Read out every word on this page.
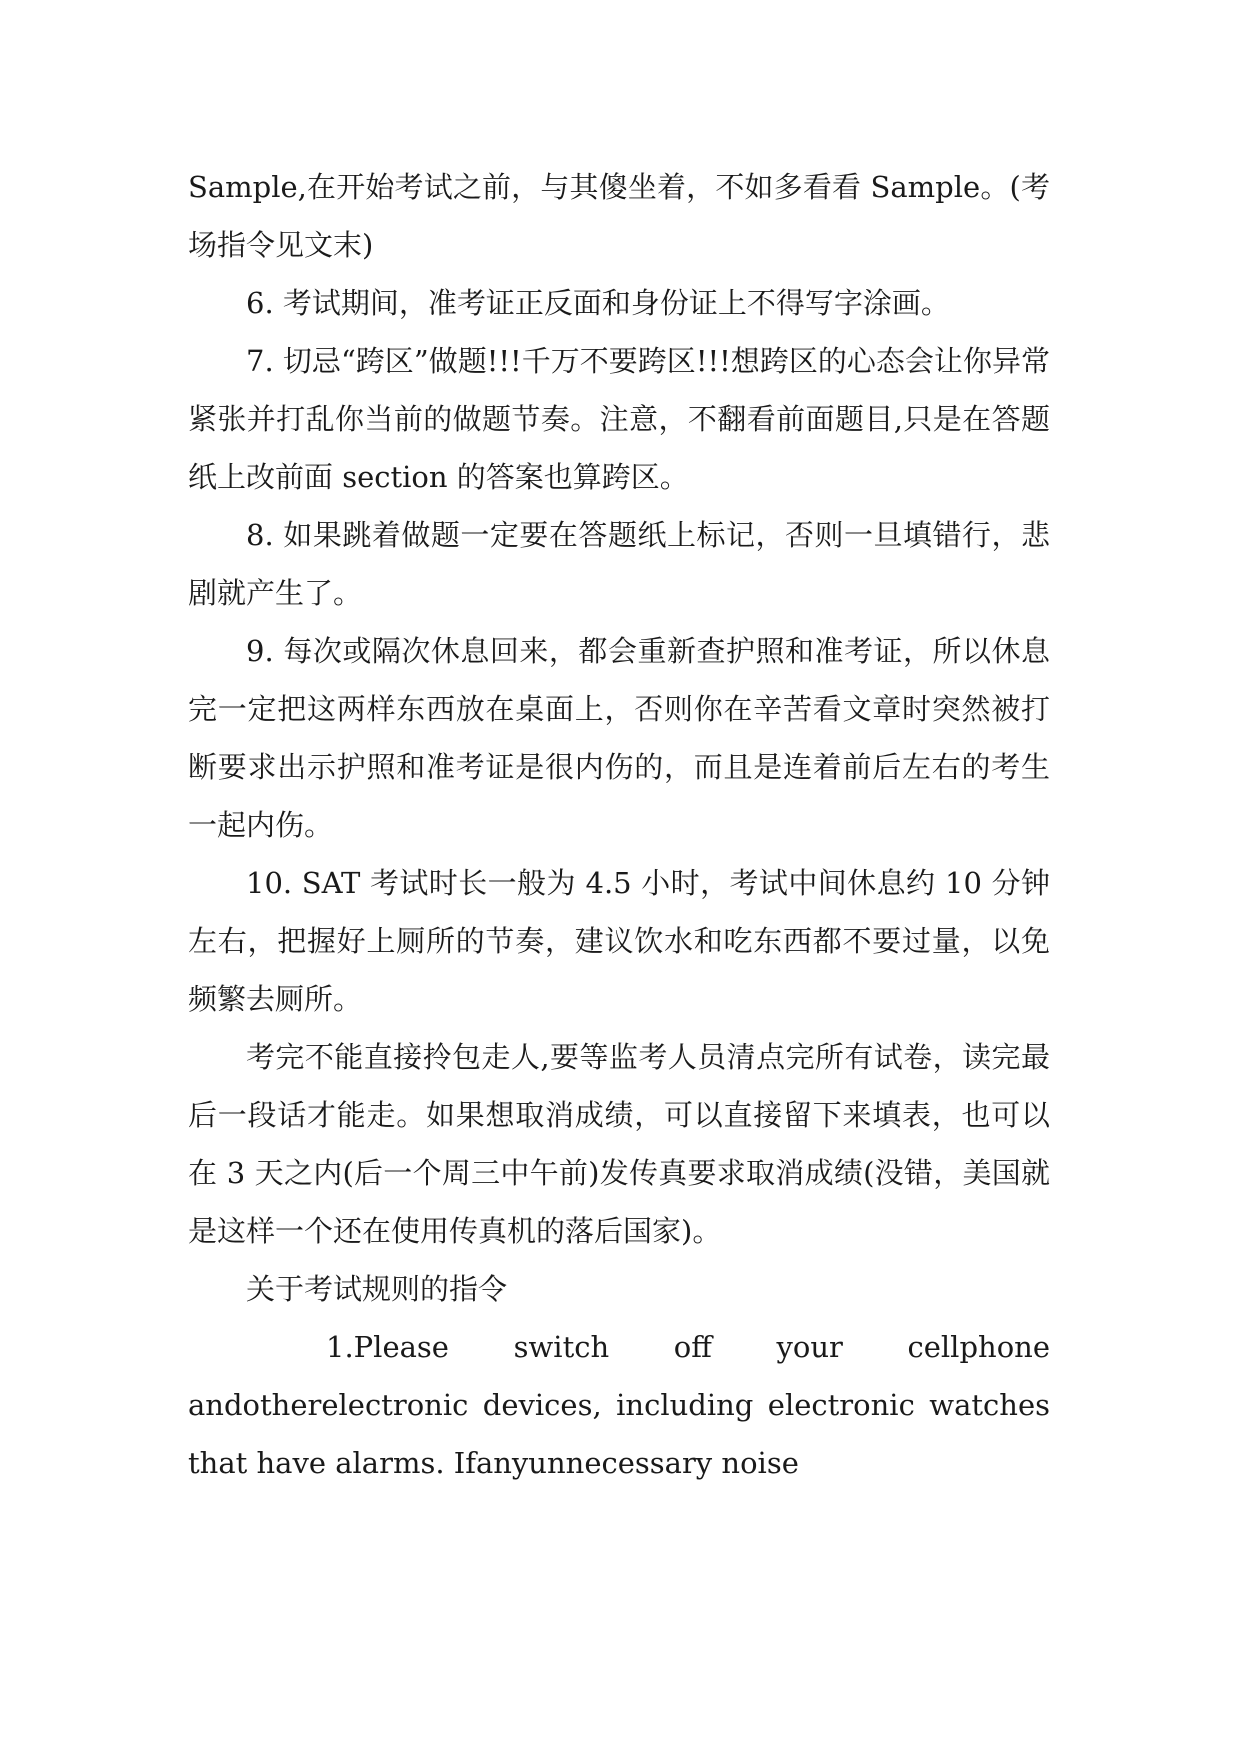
Sample,在开始考试之前，与其傻坐着，不如多看看 Sample。(考场指令见文末)

6. 考试期间，准考证正反面和身份证上不得写字涂画。

7. 切忌“跨区”做题!!!千万不要跨区!!!想跨区的心态会让你异常紧张并打乱你当前的做题节奏。注意，不翻看前面题目,只是在答题纸上改前面 section 的答案也算跨区。

8. 如果跳着做题一定要在答题纸上标记，否则一旦填错行，悲剧就产生了。

9. 每次或隔次休息回来，都会重新查护照和准考证，所以休息完一定把这两样东西放在桌面上，否则你在辛苦看文章时突然被打断要求出示护照和准考证是很内伤的，而且是连着前后左右的考生一起内伤。

10. SAT 考试时长一般为 4.5 小时，考试中间休息约 10 分钟左右，把握好上厕所的节奏，建议饮水和吃东西都不要过量，以免频繁去厕所。

考完不能直接拎包走人,要等监考人员清点完所有试卷，读完最后一段话才能走。如果想取消成绩，可以直接留下来填表，也可以在 3 天之内(后一个周三中午前)发传真要求取消成绩(没错，美国就是这样一个还在使用传真机的落后国家)。

关于考试规则的指令

1.Please switch off your cellphone andotherelectronic devices, including electronic watches that have alarms. Ifanyunnecessary noise
